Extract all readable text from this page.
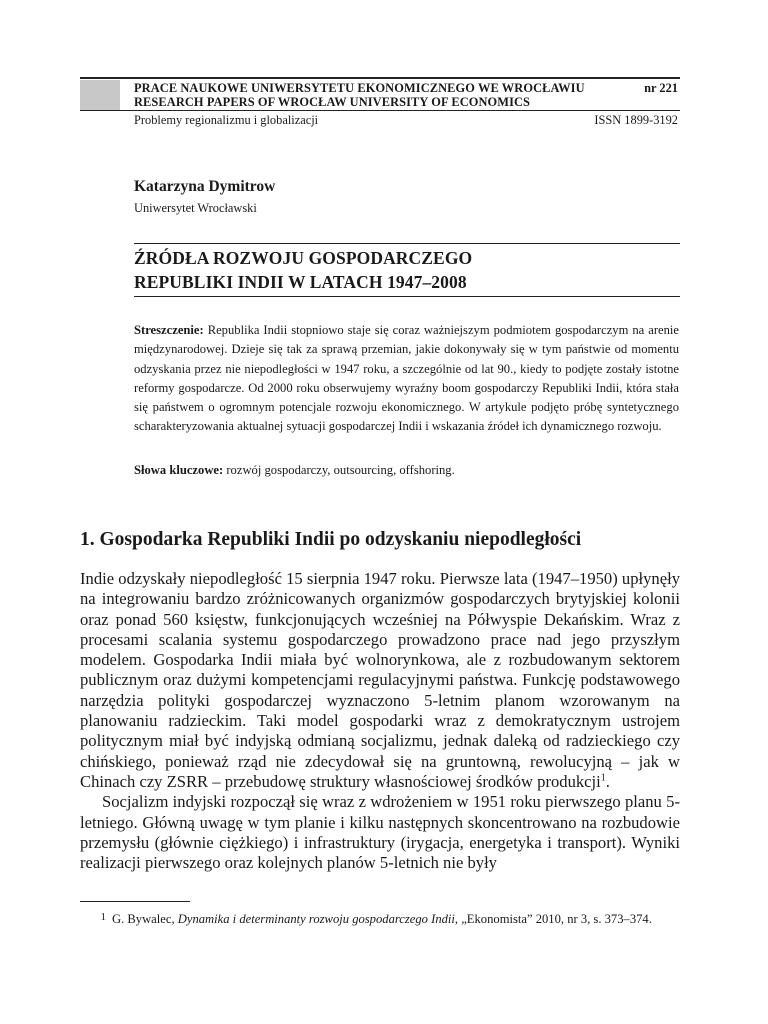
PRACE NAUKOWE UNIWERSYTETU EKONOMICZNEGO WE WROCŁAWIU	nr 221
RESEARCH PAPERS OF WROCŁAW UNIVERSITY OF ECONOMICS
Problemy regionalizmu i globalizacji	ISSN 1899-3192
Katarzyna Dymitrow
Uniwersytet Wrocławski
ŹRÓDŁA ROZWOJU GOSPODARCZEGO
REPUBLIKI INDII W LATACH 1947–2008

Streszczenie: Republika Indii stopniowo staje się coraz ważniejszym podmiotem gospodarczym na arenie międzynarodowej. Dzieje się tak za sprawą przemian, jakie dokonywały się w tym państwie od momentu odzyskania przez nie niepodległości w 1947 roku, a szczególnie od lat 90., kiedy to podjęte zostały istotne reformy gospodarcze. Od 2000 roku obserwujemy wyraźny boom gospodarczy Republiki Indii, która stała się państwem o ogromnym potencjale rozwoju ekonomicznego. W artykule podjęto próbę syntetycznego scharakteryzowania aktualnej sytuacji gospodarczej Indii i wskazania źródeł ich dynamicznego rozwoju.

Słowa kluczowe: rozwój gospodarczy, outsourcing, offshoring.

1. Gospodarka Republiki Indii po odzyskaniu niepodległości

Indie odzyskały niepodległość 15 sierpnia 1947 roku. Pierwsze lata (1947–1950) upłynęły na integrowaniu bardzo zróżnicowanych organizmów gospodarczych brytyjskiej kolonii oraz ponad 560 księstw, funkcjonujących wcześniej na Półwyspie Dekańskim. Wraz z procesami scalania systemu gospodarczego prowadzono prace nad jego przyszłym modelem. Gospodarka Indii miała być wolnorynkowa, ale z rozbudowanym sektorem publicznym oraz dużymi kompetencjami regulacyjnymi państwa. Funkcję podstawowego narzędzia polityki gospodarczej wyznaczono 5-letnim planom wzorowanym na planowaniu radzieckim. Taki model gospodarki wraz z demokratycznym ustrojem politycznym miał być indyjską odmianą socjalizmu, jednak daleką od radzieckiego czy chińskiego, ponieważ rząd nie zdecydował się na gruntowną, rewolucyjną – jak w Chinach czy ZSRR – przebudowę struktury własnościowej środków produkcji$^1$.

Socjalizm indyjski rozpoczął się wraz z wdrożeniem w 1951 roku pierwszego planu 5-letniego. Główną uwagę w tym planie i kilku następnych skoncentrowano na rozbudowie przemysłu (głównie ciężkiego) i infrastruktury (irygacja, energetyka i transport). Wyniki realizacji pierwszego oraz kolejnych planów 5-letnich nie były

1 G. Bywalec, Dynamika i determinanty rozwoju gospodarczego Indii, „Ekonomista” 2010, nr 3, s. 373–374.
